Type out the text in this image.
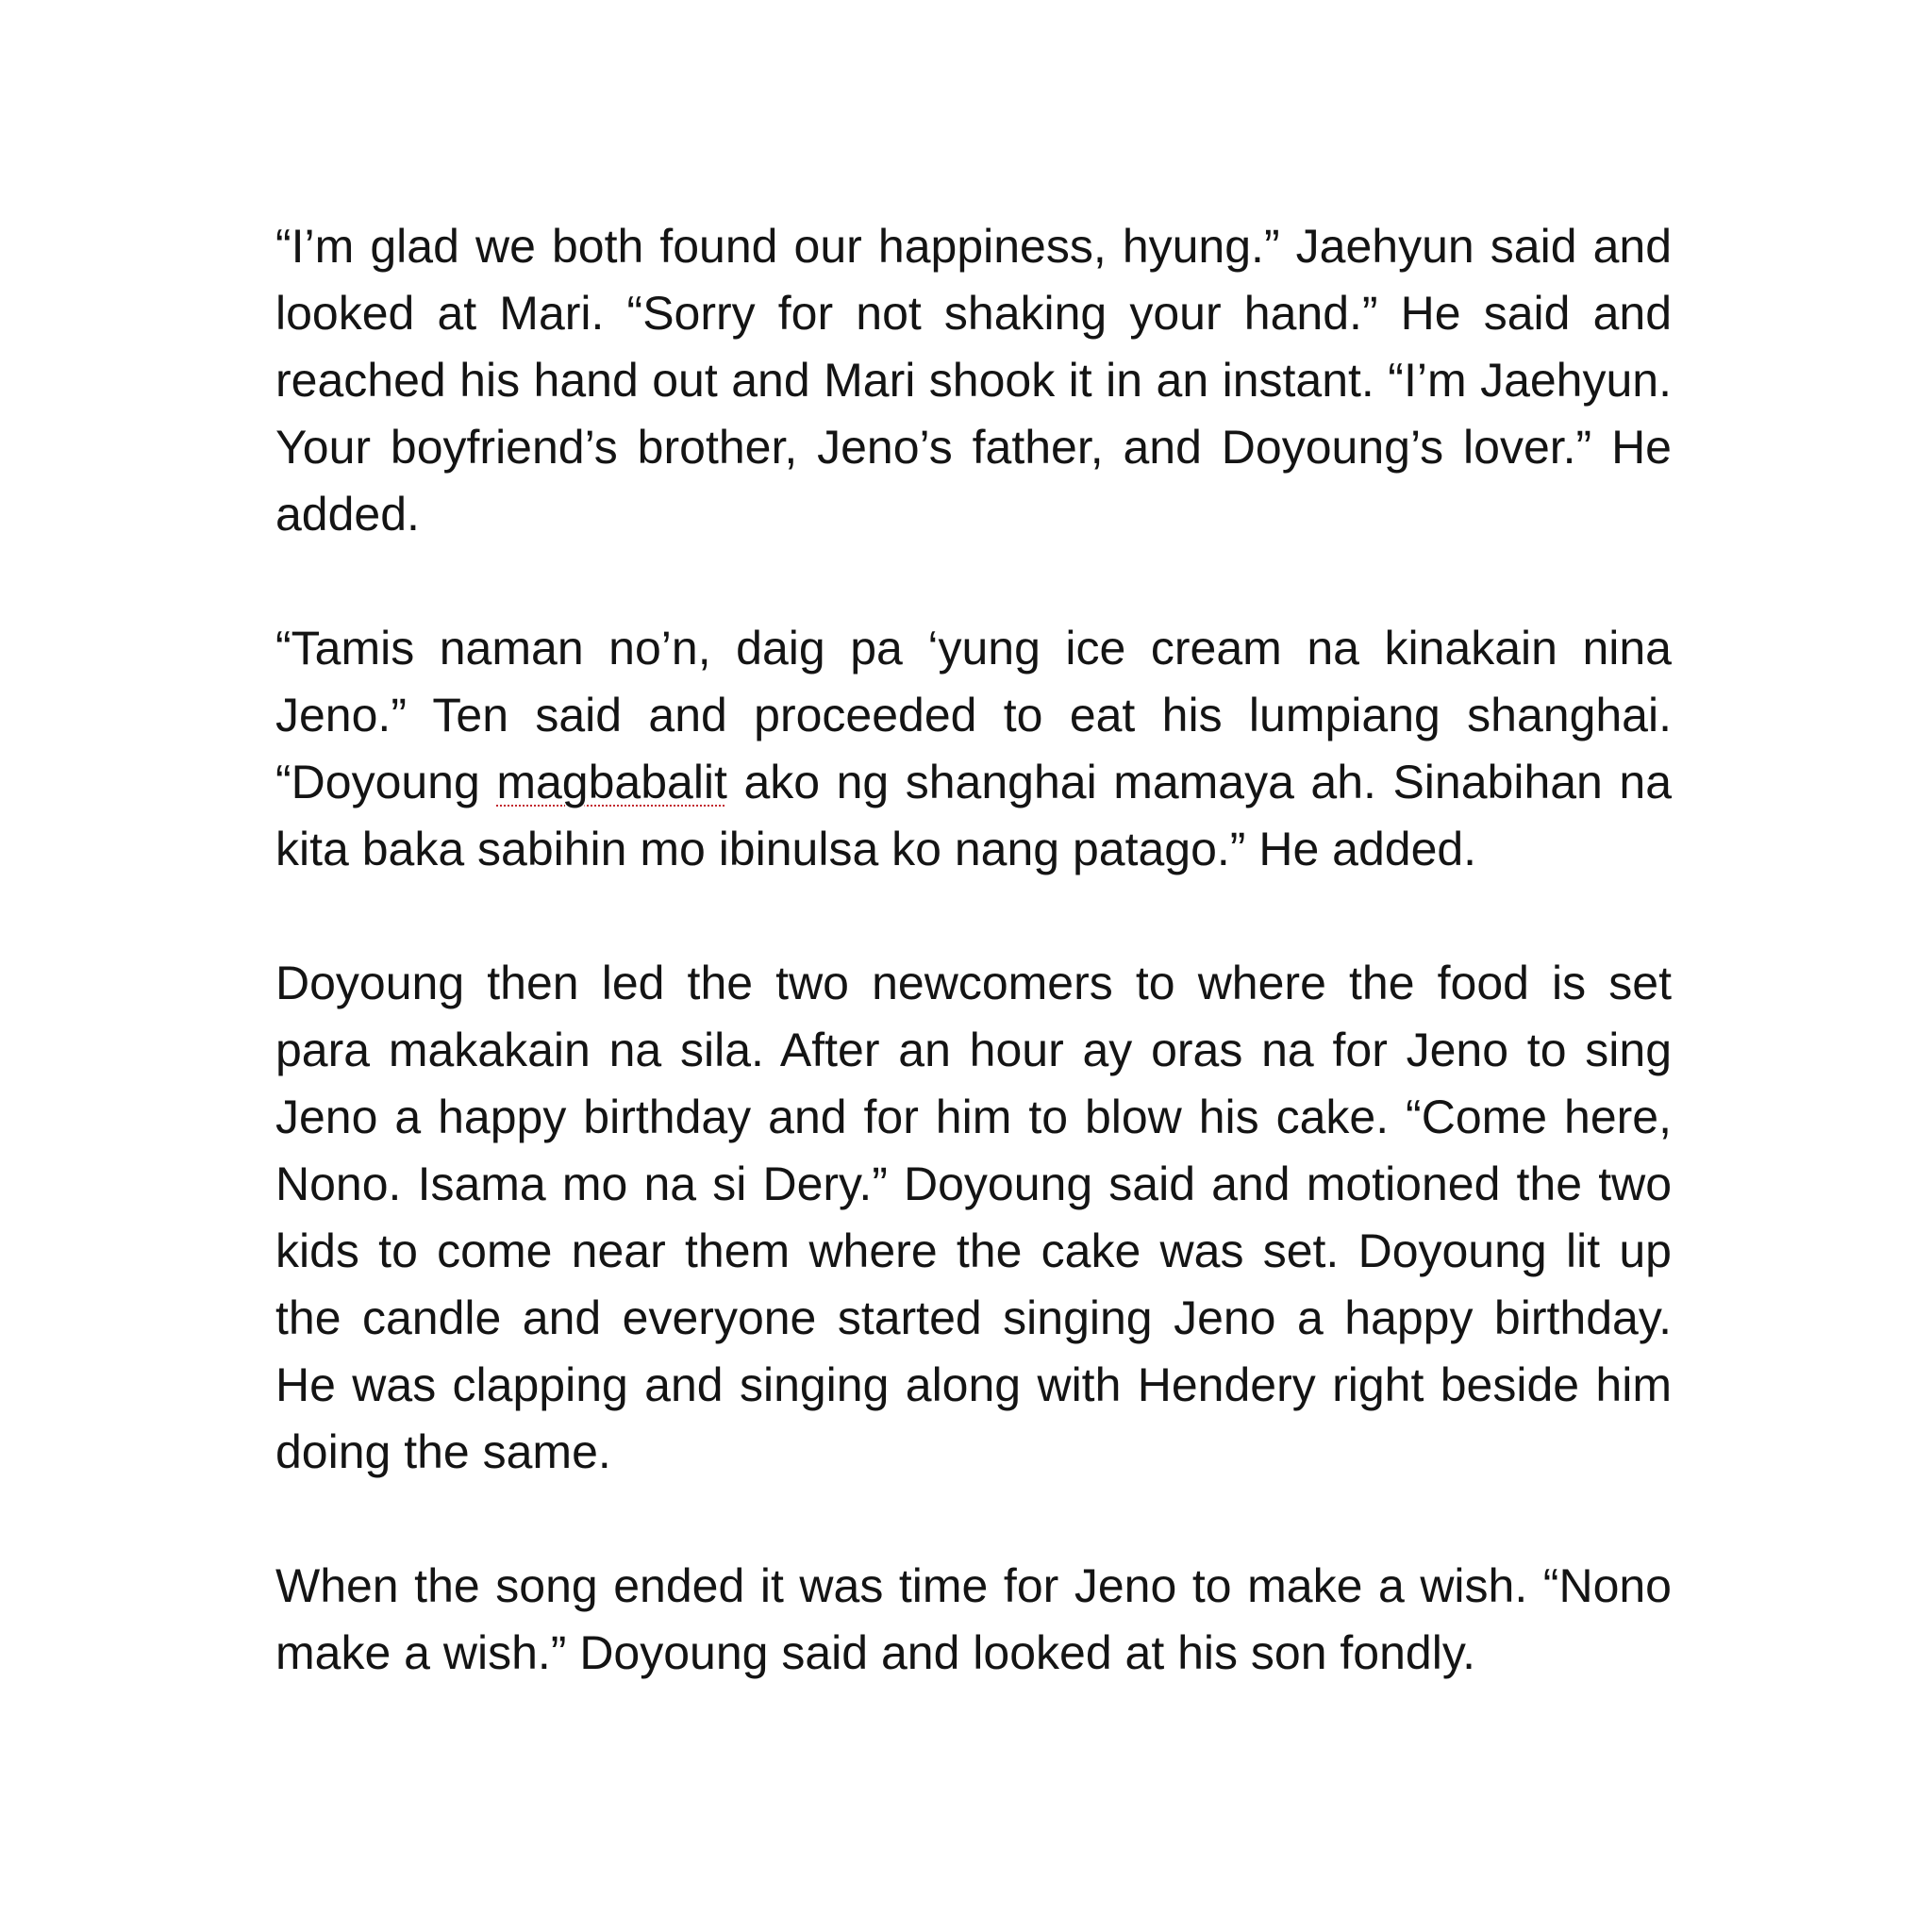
“I’m glad we both found our happiness, hyung.” Jaehyun said and looked at Mari. “Sorry for not shaking your hand.” He said and reached his hand out and Mari shook it in an instant. “I’m Jaehyun. Your boyfriend’s brother, Jeno’s father, and Doyoung’s lover.” He added.

“Tamis naman no’n, daig pa ‘yung ice cream na kinakain nina Jeno.” Ten said and proceeded to eat his lumpiang shanghai. “Doyoung magbabalit ako ng shanghai mamaya ah. Sinabihan na kita baka sabihin mo ibinulsa ko nang patago.” He added.

Doyoung then led the two newcomers to where the food is set para makakain na sila. After an hour ay oras na for Jeno to sing Jeno a happy birthday and for him to blow his cake. “Come here, Nono. Isama mo na si Dery.” Doyoung said and motioned the two kids to come near them where the cake was set. Doyoung lit up the candle and everyone started singing Jeno a happy birthday. He was clapping and singing along with Hendery right beside him doing the same.

When the song ended it was time for Jeno to make a wish. “Nono make a wish.” Doyoung said and looked at his son fondly.
